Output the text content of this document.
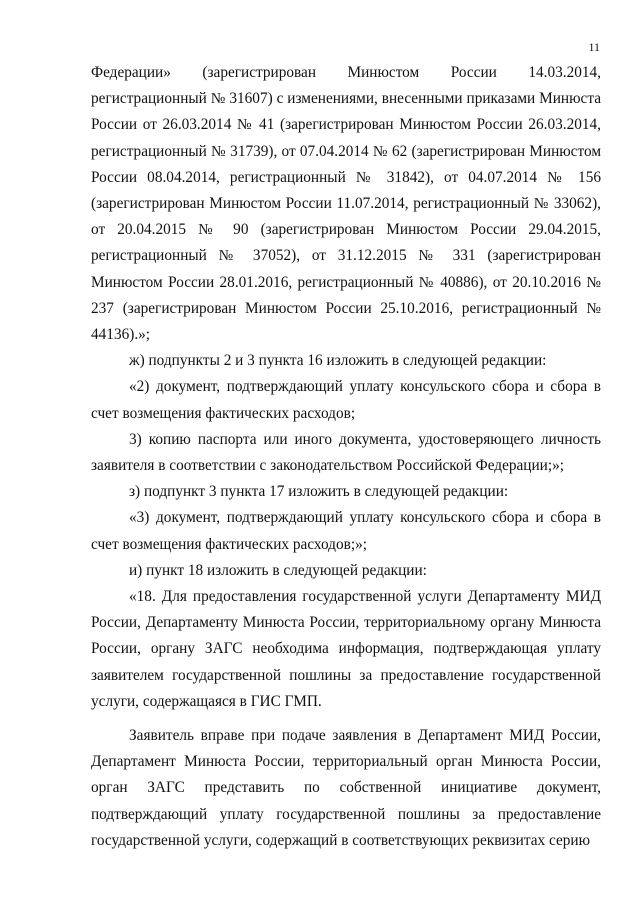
11

Федерации» (зарегистрирован Минюстом России 14.03.2014, регистрационный № 31607) с изменениями, внесенными приказами Минюста России от 26.03.2014 № 41 (зарегистрирован Минюстом России 26.03.2014, регистрационный № 31739), от 07.04.2014 № 62 (зарегистрирован Минюстом России 08.04.2014, регистрационный № 31842), от 04.07.2014 № 156 (зарегистрирован Минюстом России 11.07.2014, регистрационный № 33062), от 20.04.2015 № 90 (зарегистрирован Минюстом России 29.04.2015, регистрационный № 37052), от 31.12.2015 № 331 (зарегистрирован Минюстом России 28.01.2016, регистрационный № 40886), от 20.10.2016 № 237 (зарегистрирован Минюстом России 25.10.2016, регистрационный № 44136).»;

ж) подпункты 2 и 3 пункта 16 изложить в следующей редакции:

«2) документ, подтверждающий уплату консульского сбора и сбора в счет возмещения фактических расходов;

3) копию паспорта или иного документа, удостоверяющего личность заявителя в соответствии с законодательством Российской Федерации;»;

з) подпункт 3 пункта 17 изложить в следующей редакции:

«3) документ, подтверждающий уплату консульского сбора и сбора в счет возмещения фактических расходов;»;

и) пункт 18 изложить в следующей редакции:

«18. Для предоставления государственной услуги Департаменту МИД России, Департаменту Минюста России, территориальному органу Минюста России, органу ЗАГС необходима информация, подтверждающая уплату заявителем государственной пошлины за предоставление государственной услуги, содержащаяся в ГИС ГМП.

Заявитель вправе при подаче заявления в Департамент МИД России, Департамент Минюста России, территориальный орган Минюста России, орган ЗАГС представить по собственной инициативе документ, подтверждающий уплату государственной пошлины за предоставление государственной услуги, содержащий в соответствующих реквизитах серию
